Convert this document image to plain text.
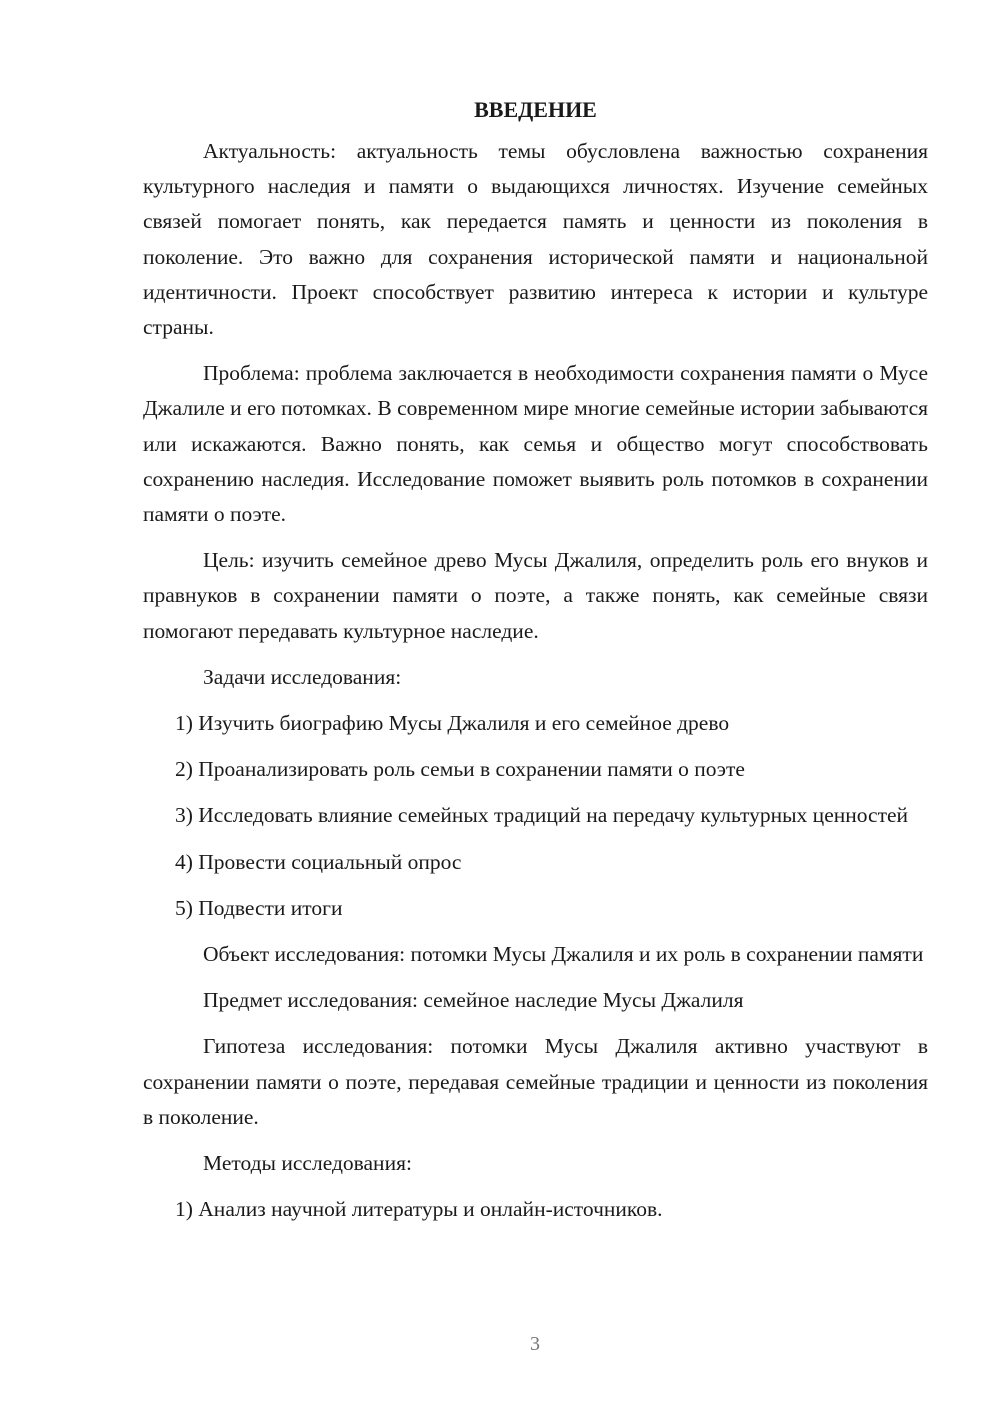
ВВЕДЕНИЕ

Актуальность: актуальность темы обусловлена важностью сохранения культурного наследия и памяти о выдающихся личностях. Изучение семейных связей помогает понять, как передается память и ценности из поколения в поколение. Это важно для сохранения исторической памяти и национальной идентичности. Проект способствует развитию интереса к истории и культуре страны.

Проблема: проблема заключается в необходимости сохранения памяти о Мусе Джалиле и его потомках. В современном мире многие семейные истории забываются или искажаются. Важно понять, как семья и общество могут способствовать сохранению наследия. Исследование поможет выявить роль потомков в сохранении памяти о поэте.

Цель: изучить семейное древо Мусы Джалиля, определить роль его внуков и правнуков в сохранении памяти о поэте, а также понять, как семейные связи помогают передавать культурное наследие.

Задачи исследования:

1) Изучить биографию Мусы Джалиля и его семейное древо

2) Проанализировать роль семьи в сохранении памяти о поэте

3) Исследовать влияние семейных традиций на передачу культурных ценностей

4) Провести социальный опрос

5) Подвести итоги

Объект исследования: потомки Мусы Джалиля и их роль в сохранении памяти

Предмет исследования: семейное наследие Мусы Джалиля

Гипотеза исследования: потомки Мусы Джалиля активно участвуют в сохранении памяти о поэте, передавая семейные традиции и ценности из поколения в поколение.

Методы исследования:

1) Анализ научной литературы и онлайн-источников.

3
